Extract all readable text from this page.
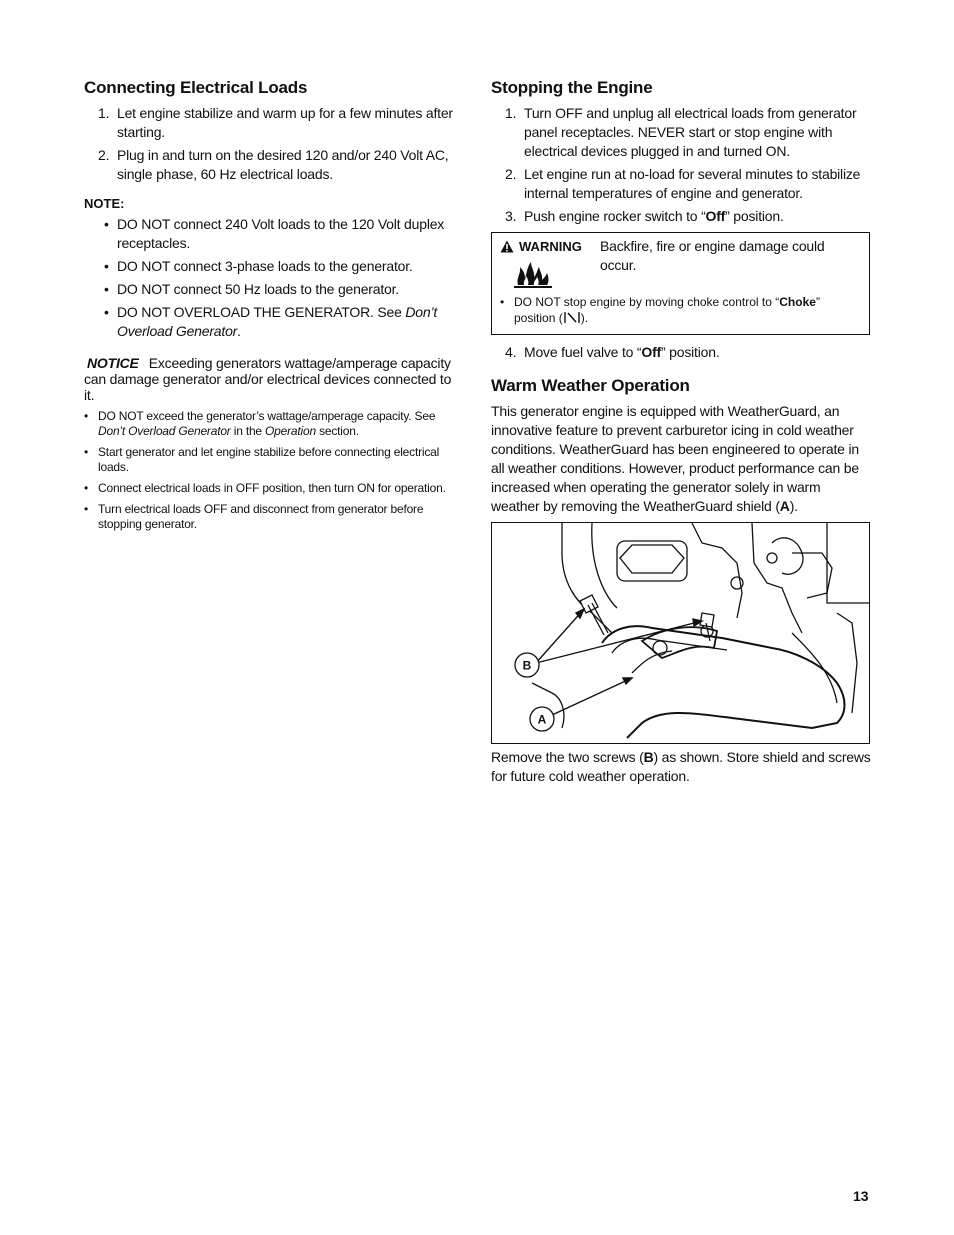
Connecting Electrical Loads
1. Let engine stabilize and warm up for a few minutes after starting.
2. Plug in and turn on the desired 120 and/or 240 Volt AC, single phase, 60 Hz electrical loads.
NOTE:
• DO NOT connect 240 Volt loads to the 120 Volt duplex receptacles.
• DO NOT connect 3-phase loads to the generator.
• DO NOT connect 50 Hz loads to the generator.
• DO NOT OVERLOAD THE GENERATOR. See Don’t Overload Generator.
NOTICE Exceeding generators wattage/amperage capacity can damage generator and/or electrical devices connected to it.
• DO NOT exceed the generator’s wattage/amperage capacity. See Don’t Overload Generator in the Operation section.
• Start generator and let engine stabilize before connecting electrical loads.
• Connect electrical loads in OFF position, then turn ON for operation.
• Turn electrical loads OFF and disconnect from generator before stopping generator.
Stopping the Engine
1. Turn OFF and unplug all electrical loads from generator panel receptacles. NEVER start or stop engine with electrical devices plugged in and turned ON.
2. Let engine run at no-load for several minutes to stabilize internal temperatures of engine and generator.
3. Push engine rocker switch to “Off” position.
WARNING Backfire, fire or engine damage could occur.
• DO NOT stop engine by moving choke control to “Choke” position ( ).
4. Move fuel valve to “Off” position.
Warm Weather Operation
This generator engine is equipped with WeatherGuard, an innovative feature to prevent carburetor icing in cold weather conditions. WeatherGuard has been engineered to operate in all weather conditions. However, product performance can be increased when operating the generator solely in warm weather by removing the WeatherGuard shield (A).
B
A
Remove the two screws (B) as shown. Store shield and screws for future cold weather operation.
13
